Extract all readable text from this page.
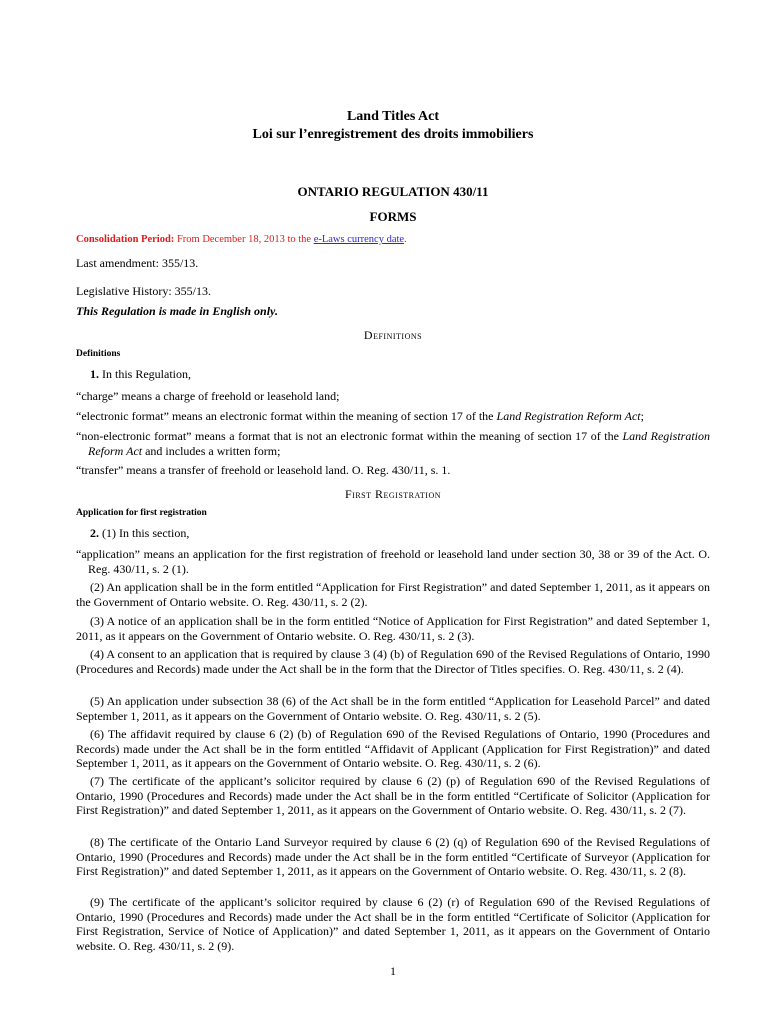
Land Titles Act
Loi sur l’enregistrement des droits immobiliers
ONTARIO REGULATION 430/11
FORMS
Consolidation Period: From December 18, 2013 to the e-Laws currency date.
Last amendment: 355/13.
Legislative History: 355/13.
This Regulation is made in English only.
Definitions
Definitions
1. In this Regulation,
“charge” means a charge of freehold or leasehold land;
“electronic format” means an electronic format within the meaning of section 17 of the Land Registration Reform Act;
“non-electronic format” means a format that is not an electronic format within the meaning of section 17 of the Land Registration Reform Act and includes a written form;
“transfer” means a transfer of freehold or leasehold land. O. Reg. 430/11, s. 1.
First Registration
Application for first registration
2. (1) In this section,
“application” means an application for the first registration of freehold or leasehold land under section 30, 38 or 39 of the Act. O. Reg. 430/11, s. 2 (1).
(2) An application shall be in the form entitled “Application for First Registration” and dated September 1, 2011, as it appears on the Government of Ontario website. O. Reg. 430/11, s. 2 (2).
(3) A notice of an application shall be in the form entitled “Notice of Application for First Registration” and dated September 1, 2011, as it appears on the Government of Ontario website. O. Reg. 430/11, s. 2 (3).
(4) A consent to an application that is required by clause 3 (4) (b) of Regulation 690 of the Revised Regulations of Ontario, 1990 (Procedures and Records) made under the Act shall be in the form that the Director of Titles specifies. O. Reg. 430/11, s. 2 (4).
(5) An application under subsection 38 (6) of the Act shall be in the form entitled “Application for Leasehold Parcel” and dated September 1, 2011, as it appears on the Government of Ontario website. O. Reg. 430/11, s. 2 (5).
(6) The affidavit required by clause 6 (2) (b) of Regulation 690 of the Revised Regulations of Ontario, 1990 (Procedures and Records) made under the Act shall be in the form entitled “Affidavit of Applicant (Application for First Registration)” and dated September 1, 2011, as it appears on the Government of Ontario website. O. Reg. 430/11, s. 2 (6).
(7) The certificate of the applicant’s solicitor required by clause 6 (2) (p) of Regulation 690 of the Revised Regulations of Ontario, 1990 (Procedures and Records) made under the Act shall be in the form entitled “Certificate of Solicitor (Application for First Registration)” and dated September 1, 2011, as it appears on the Government of Ontario website. O. Reg. 430/11, s. 2 (7).
(8) The certificate of the Ontario Land Surveyor required by clause 6 (2) (q) of Regulation 690 of the Revised Regulations of Ontario, 1990 (Procedures and Records) made under the Act shall be in the form entitled “Certificate of Surveyor (Application for First Registration)” and dated September 1, 2011, as it appears on the Government of Ontario website. O. Reg. 430/11, s. 2 (8).
(9) The certificate of the applicant’s solicitor required by clause 6 (2) (r) of Regulation 690 of the Revised Regulations of Ontario, 1990 (Procedures and Records) made under the Act shall be in the form entitled “Certificate of Solicitor (Application for First Registration, Service of Notice of Application)” and dated September 1, 2011, as it appears on the Government of Ontario website. O. Reg. 430/11, s. 2 (9).
1
